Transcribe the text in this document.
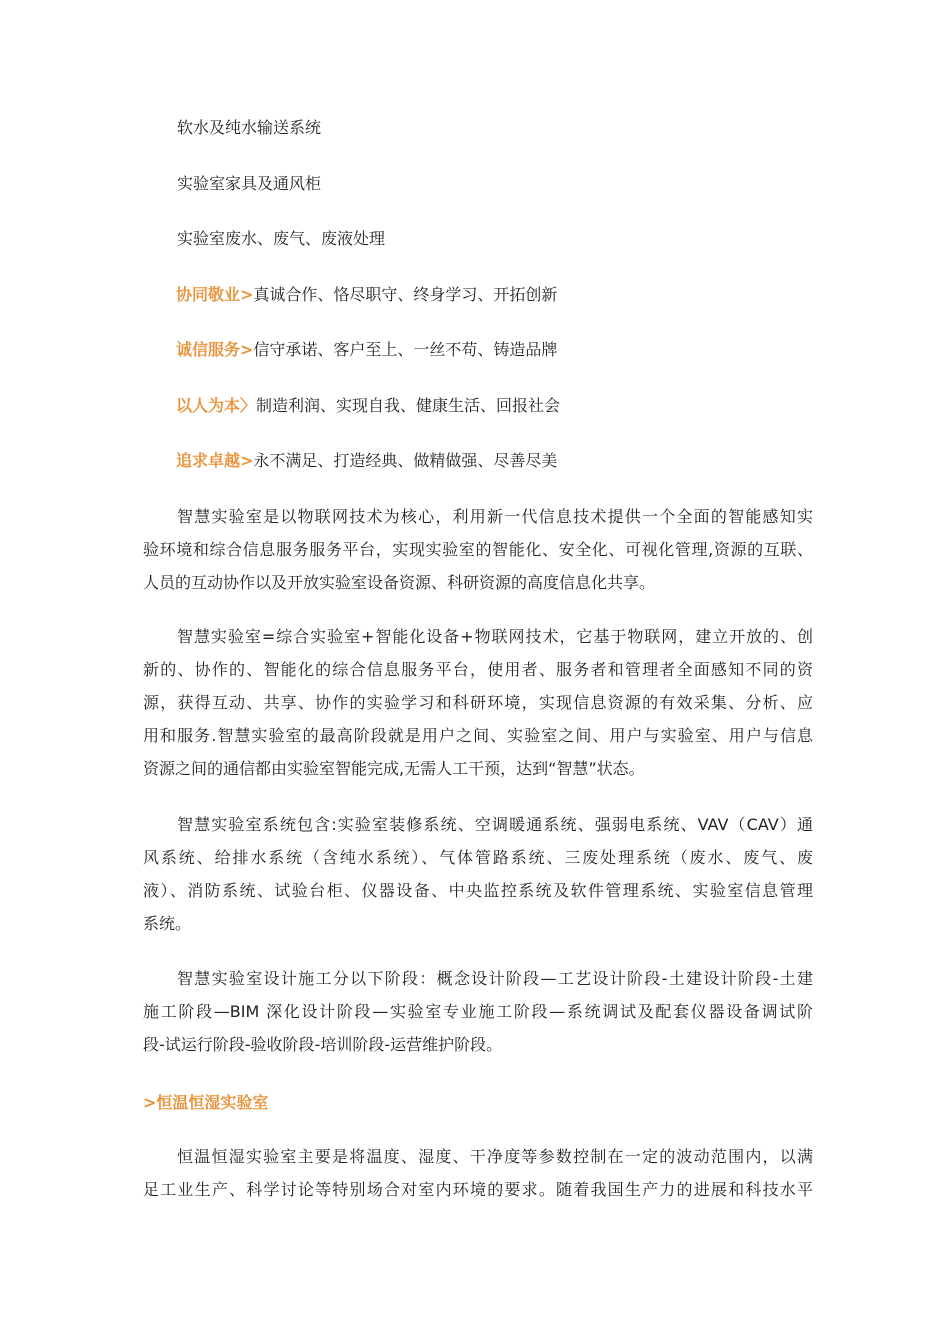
软水及纯水输送系统
实验室家具及通风柜
实验室废水、废气、废液处理
协同敬业>真诚合作、恪尽职守、终身学习、开拓创新
诚信服务>信守承诺、客户至上、一丝不苟、铸造品牌
以人为本〉制造利润、实现自我、健康生活、回报社会
追求卓越>永不满足、打造经典、做精做强、尽善尽美
智慧实验室是以物联网技术为核心，利用新一代信息技术提供一个全面的智能感知实
验环境和综合信息服务服务平台，实现实验室的智能化、安全化、可视化管理,资源的互联、
人员的互动协作以及开放实验室设备资源、科研资源的高度信息化共享。
智慧实验室=综合实验室+智能化设备+物联网技术，它基于物联网，建立开放的、创
新的、协作的、智能化的综合信息服务平台，使用者、服务者和管理者全面感知不同的资
源，获得互动、共享、协作的实验学习和科研环境，实现信息资源的有效采集、分析、应
用和服务.智慧实验室的最高阶段就是用户之间、实验室之间、用户与实验室、用户与信息
资源之间的通信都由实验室智能完成,无需人工干预，达到“智慧”状态。
智慧实验室系统包含:实验室装修系统、空调暖通系统、强弱电系统、VAV（CAV）通
风系统、给排水系统（含纯水系统）、气体管路系统、三废处理系统（废水、废气、废
液）、消防系统、试验台柜、仪器设备、中央监控系统及软件管理系统、实验室信息管理
系统。
智慧实验室设计施工分以下阶段：概念设计阶段—工艺设计阶段-土建设计阶段-土建
施工阶段—BIM 深化设计阶段—实验室专业施工阶段—系统调试及配套仪器设备调试阶
段-试运行阶段-验收阶段-培训阶段-运营维护阶段。
>恒温恒湿实验室
恒温恒湿实验室主要是将温度、湿度、干净度等参数控制在一定的波动范围内，以满
足工业生产、科学讨论等特别场合对室内环境的要求。随着我国生产力的进展和科技水平
